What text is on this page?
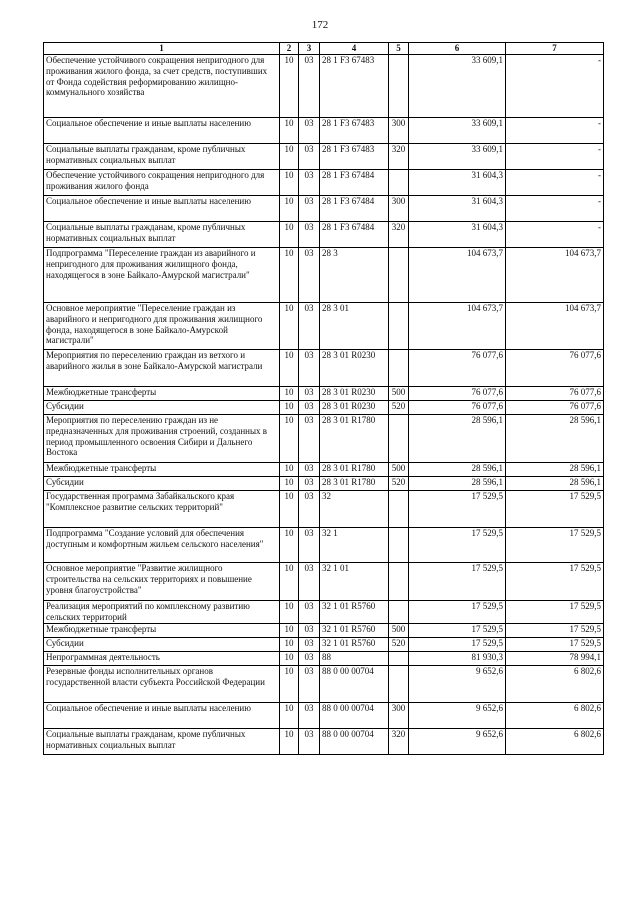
172
1	2	3	4	5	6	7
Обеспечение устойчивого сокращения непригодного для проживания жилого фонда, за счет средств, поступивших от Фонда содействия реформированию жилищно-коммунального хозяйства	10	03	28 1 F3 67483		33 609,1	-
Социальное обеспечение и иные выплаты населению	10	03	28 1 F3 67483	300	33 609,1	-
Социальные выплаты гражданам, кроме публичных нормативных социальных выплат	10	03	28 1 F3 67483	320	33 609,1	-
Обеспечение устойчивого сокращения непригодного для проживания жилого фонда	10	03	28 1 F3 67484		31 604,3	-
Социальное обеспечение и иные выплаты населению	10	03	28 1 F3 67484	300	31 604,3	-
Социальные выплаты гражданам, кроме публичных нормативных социальных выплат	10	03	28 1 F3 67484	320	31 604,3	-
Подпрограмма "Переселение граждан из аварийного и непригодного для проживания жилищного фонда, находящегося в зоне Байкало-Амурской магистрали"	10	03	28 3		104 673,7	104 673,7
Основное мероприятие "Переселение граждан из аварийного и непригодного для проживания жилищного фонда, находящегося в зоне Байкало-Амурской магистрали"	10	03	28 3 01		104 673,7	104 673,7
Мероприятия по переселению граждан из ветхого и аварийного жилья в зоне Байкало-Амурской магистрали	10	03	28 3 01 R0230		76 077,6	76 077,6
Межбюджетные трансферты	10	03	28 3 01 R0230	500	76 077,6	76 077,6
Субсидии	10	03	28 3 01 R0230	520	76 077,6	76 077,6
Мероприятия по переселению граждан из не предназначенных для проживания строений, созданных в период промышленного освоения Сибири и Дальнего Востока	10	03	28 3 01 R1780		28 596,1	28 596,1
Межбюджетные трансферты	10	03	28 3 01 R1780	500	28 596,1	28 596,1
Субсидии	10	03	28 3 01 R1780	520	28 596,1	28 596,1
Государственная программа Забайкальского края "Комплексное развитие сельских территорий"	10	03	32		17 529,5	17 529,5
Подпрограмма "Создание условий для обеспечения доступным и комфортным жильем сельского населения"	10	03	32 1		17 529,5	17 529,5
Основное мероприятие "Развитие жилищного строительства на сельских территориях и повышение уровня благоустройства"	10	03	32 1 01		17 529,5	17 529,5
Реализация мероприятий по комплексному развитию сельских территорий	10	03	32 1 01 R5760		17 529,5	17 529,5
Межбюджетные трансферты	10	03	32 1 01 R5760	500	17 529,5	17 529,5
Субсидии	10	03	32 1 01 R5760	520	17 529,5	17 529,5
Непрограммная деятельность	10	03	88		81 930,3	78 994,1
Резервные фонды исполнительных органов государственной власти субъекта Российской Федерации	10	03	88 0 00 00704		9 652,6	6 802,6
Социальное обеспечение и иные выплаты населению	10	03	88 0 00 00704	300	9 652,6	6 802,6
Социальные выплаты гражданам, кроме публичных нормативных социальных выплат	10	03	88 0 00 00704	320	9 652,6	6 802,6
